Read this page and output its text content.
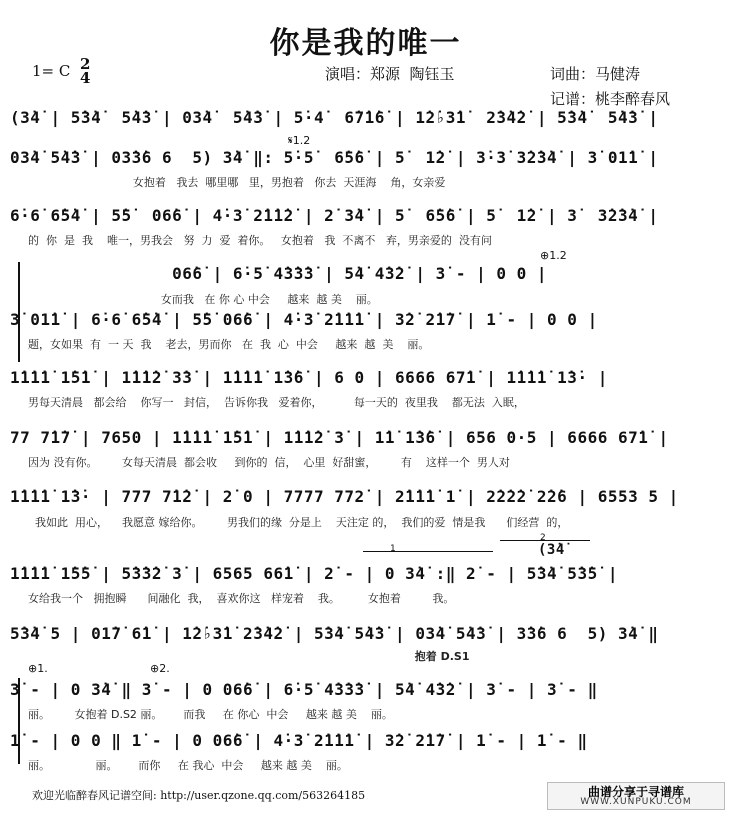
你是我的唯一
1= C 2
4	演唱：郑源  陶钰玉	词曲：马健涛
记谱：桃李醉春风
(3̇4̇ | 5̇3̇4̇  5̇4̇3̇ | 03̇4̇  5̇4̇3̇ | 5̇·4̇  6̇7̇1̇6̇ | 1̇2̇♭3̇1̇  2̇3̇4̇2̇ | 5̇3̇4̇  5̇4̇3̇ |
𝄋1.2
03̇4̇ 5̇4̇3̇ | 03̇3̇6 6  5) 3̇4̇ ‖: 5̇·5̇  6̇5̇6̇ | 5̇  1̇2̇ | 3̇·3̇ 3̇2̇3̇4̇ | 3̇ 01̇1̇ |
女抱着   我去  哪里哪   里，男抱着   你去  天涯海    角，女亲爱
6̇·6̇ 6̇5̇4̇ | 5̇5̇  06̇6̇ | 4̇·3̇ 2̇1̇1̇2̇ | 2̇ 3̇4̇ | 5̇  6̇5̇6̇ | 5̇  1̇2̇ | 3̇  3̇2̇3̇4̇ |
的  你  是  我    唯一，男我会   努  力  爱  着你。   女抱着   我  不离不   弃，男亲爱的  没有问
⊕1.2
06̇6̇ | 6̇·5̇ 4̇3̇3̇3̇ | 5̇4̇ 4̇3̇2̇ | 3̇ - | 0 0 |
女而我   在 你 心 中会     越来  越 美    丽。
3̇ 01̇1̇ | 6̇·6̇ 6̇5̇4̇ | 5̇5̇ 06̇6̇ | 4̇·3̇ 2̇1̇1̇1̇ | 3̇2̇ 2̇1̇7̇ | 1̇ - | 0 0 |
题，女如果  有  一 天  我    老去，男而你   在  我  心  中会     越来  越  美    丽。
1̇1̇1̇1̇ 1̇5̇1̇ | 1̇1̇1̇2̇ 3̇3̇ | 1̇1̇1̇1̇ 1̇3̇6̇ | 6 0 | 6666 67̇1̇ | 1̇1̇1̇1̇ 1̇3̇· |
男每天清晨   都会给    你写一   封信，  告诉你我   爱着你，         每一天的  夜里我    都无法  入眠，
77 7̇1̇7̇ | 7650 | 1̇1̇1̇1̇ 1̇5̇1̇ | 1̇1̇1̇2̇ 3̇ | 1̇1̇ 1̇3̇6̇ | 656 0·5 | 6666 67̇1̇ |
因为 没有你。       女每天清晨  都会收     到你的  信，  心里  好甜蜜，       有    这样一个  男人对
1̇1̇1̇1̇ 1̇3̇· | 777 7̇1̇2̇ | 2̇ 0 | 7777 772̇ | 2̇1̇1̇1̇ 1̇ | 2̇2̇2̇2̇ 2̇2̇6 | 6553 5 |
我如此  用心，    我愿意 嫁给你。       男我们的缘  分是上    天注定 的，  我们的爱  情是我      们经营  的，
1
2
(3̇4̇
1̇1̇1̇1̇ 1̇5̇5̇ | 5̇3̇3̇2̇ 3̇ | 6565 66̇1̇ | 2̇ - | 0 3̇4̇ :‖ 2̇ - | 5̇3̇4̇ 5̇3̇5̇ |
女给我一个   拥抱瞬      间融化  我，  喜欢你这   样宠着    我。        女抱着         我。
5̇3̇4̇ 5 | 01̇7̇ 6̇1̇ | 1̇2̇♭3̇1̇ 2̇3̇4̇2̇ | 5̇3̇4̇ 5̇4̇3̇ | 03̇4̇ 5̇4̇3̇ | 3̇3̇6 6  5) 3̇4̇ ‖
抱着 D.S1
⊕1.	⊕2.
3̇ - | 0 3̇4̇ ‖ 3̇ - | 0 06̇6̇ | 6̇·5̇ 4̇3̇3̇3̇ | 5̇4̇ 4̇3̇2̇ | 3̇ - | 3̇ - ‖
丽。       女抱着 D.S2 丽。      而我     在 你心  中会     越来 越 美    丽。
1̇ - | 0 0 ‖ 1̇ - | 0 06̇6̇ | 4̇·3̇ 2̇1̇1̇1̇ | 3̇2̇ 2̇1̇7̇ | 1̇ - | 1̇ - ‖
丽。             丽。      而你     在 我心  中会     越来 越 美    丽。
欢迎光临醉春风记谱空间: http://user.qzone.qq.com/563264185

	曲谱分享于寻谱库

WWW.XUNPUKU.COM
